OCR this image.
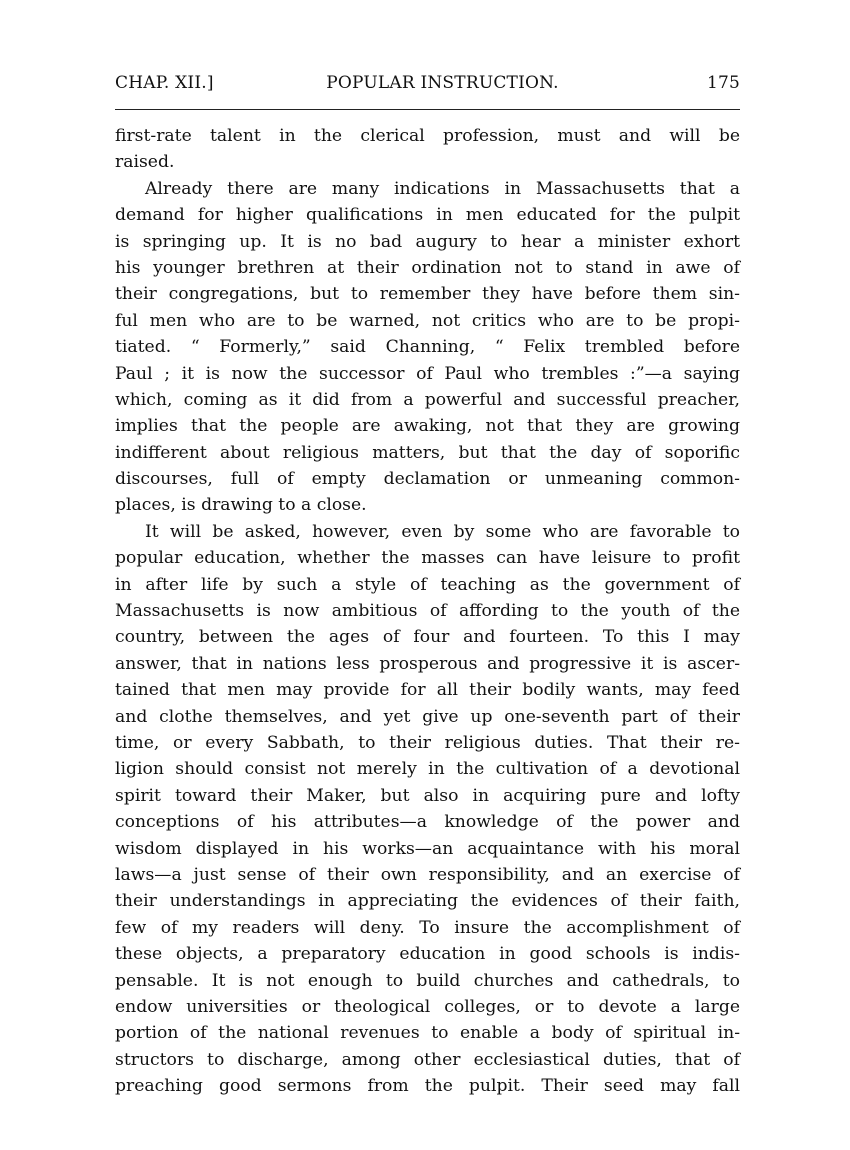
CHAP. XII.]	POPULAR INSTRUCTION.	175
first-rate talent in the clerical profession, must and will be
raised.
Already there are many indications in Massachusetts that a
demand for higher qualifications in men educated for the pulpit
is springing up. It is no bad augury to hear a minister exhort
his younger brethren at their ordination not to stand in awe of
their congregations, but to remember they have before them sin-
ful men who are to be warned, not critics who are to be propi-
tiated. “ Formerly,” said Channing, “ Felix trembled before
Paul ; it is now the successor of Paul who trembles :”—a saying
which, coming as it did from a powerful and successful preacher,
implies that the people are awaking, not that they are growing
indifferent about religious matters, but that the day of soporific
discourses, full of empty declamation or unmeaning common-
places, is drawing to a close.
It will be asked, however, even by some who are favorable to
popular education, whether the masses can have leisure to profit
in after life by such a style of teaching as the government of
Massachusetts is now ambitious of affording to the youth of the
country, between the ages of four and fourteen. To this I may
answer, that in nations less prosperous and progressive it is ascer-
tained that men may provide for all their bodily wants, may feed
and clothe themselves, and yet give up one-seventh part of their
time, or every Sabbath, to their religious duties. That their re-
ligion should consist not merely in the cultivation of a devotional
spirit toward their Maker, but also in acquiring pure and lofty
conceptions of his attributes—a knowledge of the power and
wisdom displayed in his works—an acquaintance with his moral
laws—a just sense of their own responsibility, and an exercise of
their understandings in appreciating the evidences of their faith,
few of my readers will deny. To insure the accomplishment of
these objects, a preparatory education in good schools is indis-
pensable. It is not enough to build churches and cathedrals, to
endow universities or theological colleges, or to devote a large
portion of the national revenues to enable a body of spiritual in-
structors to discharge, among other ecclesiastical duties, that of
preaching good sermons from the pulpit. Their seed may fall
